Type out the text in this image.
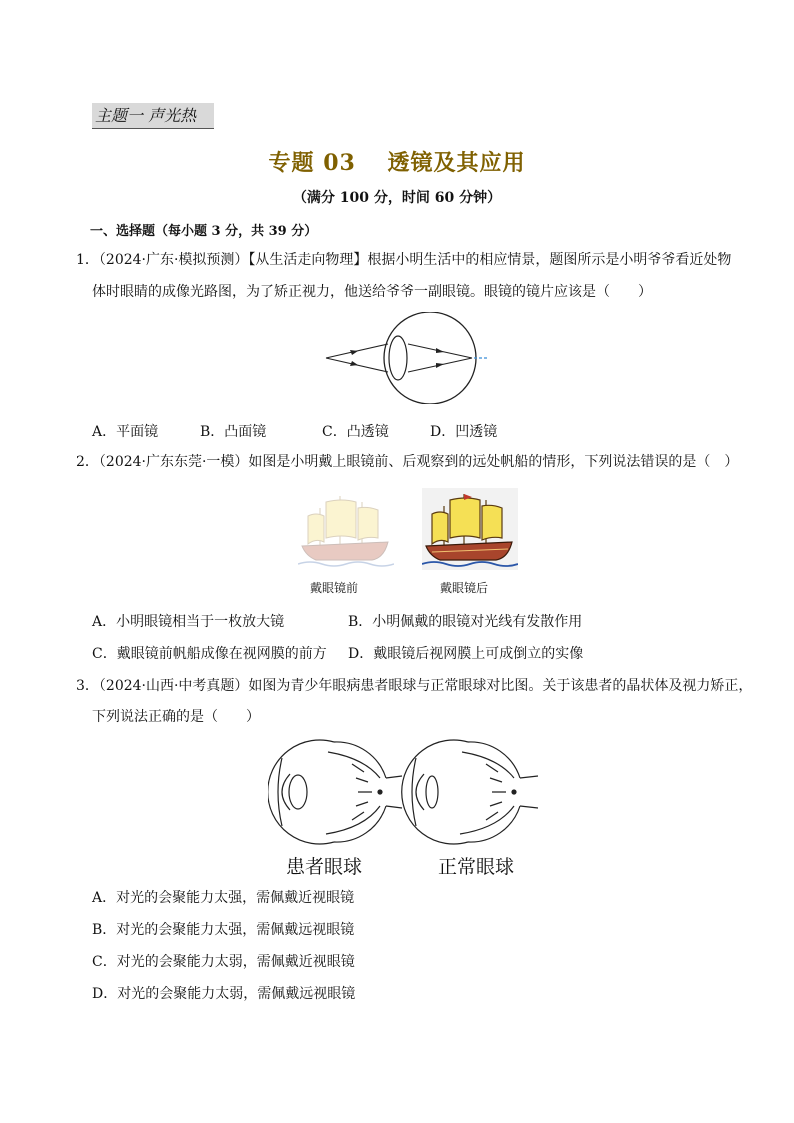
主题一 声光热
专题 03　 透镜及其应用
（满分 100 分，时间 60 分钟）
一、选择题（每小题 3 分，共 39 分）
1．（2024·广东·模拟预测）【从生活走向物理】根据小明生活中的相应情景，题图所示是小明爷爷看近处物
体时眼睛的成像光路图，为了矫正视力，他送给爷爷一副眼镜。眼镜的镜片应该是（　　）
A．平面镜	B．凸面镜	C．凸透镜	D．凹透镜
2．（2024·广东东莞·一模）如图是小明戴上眼镜前、后观察到的远处帆船的情形，下列说法错误的是（　）
戴眼镜前	戴眼镜后
A．小明眼镜相当于一枚放大镜	B．小明佩戴的眼镜对光线有发散作用
C．戴眼镜前帆船成像在视网膜的前方 D．戴眼镜后视网膜上可成倒立的实像
3．（2024·山西·中考真题）如图为青少年眼病患者眼球与正常眼球对比图。关于该患者的晶状体及视力矫正，
下列说法正确的是（　　）
患者眼球	正常眼球
A．对光的会聚能力太强，需佩戴近视眼镜
B．对光的会聚能力太强，需佩戴远视眼镜
C．对光的会聚能力太弱，需佩戴近视眼镜
D．对光的会聚能力太弱，需佩戴远视眼镜
